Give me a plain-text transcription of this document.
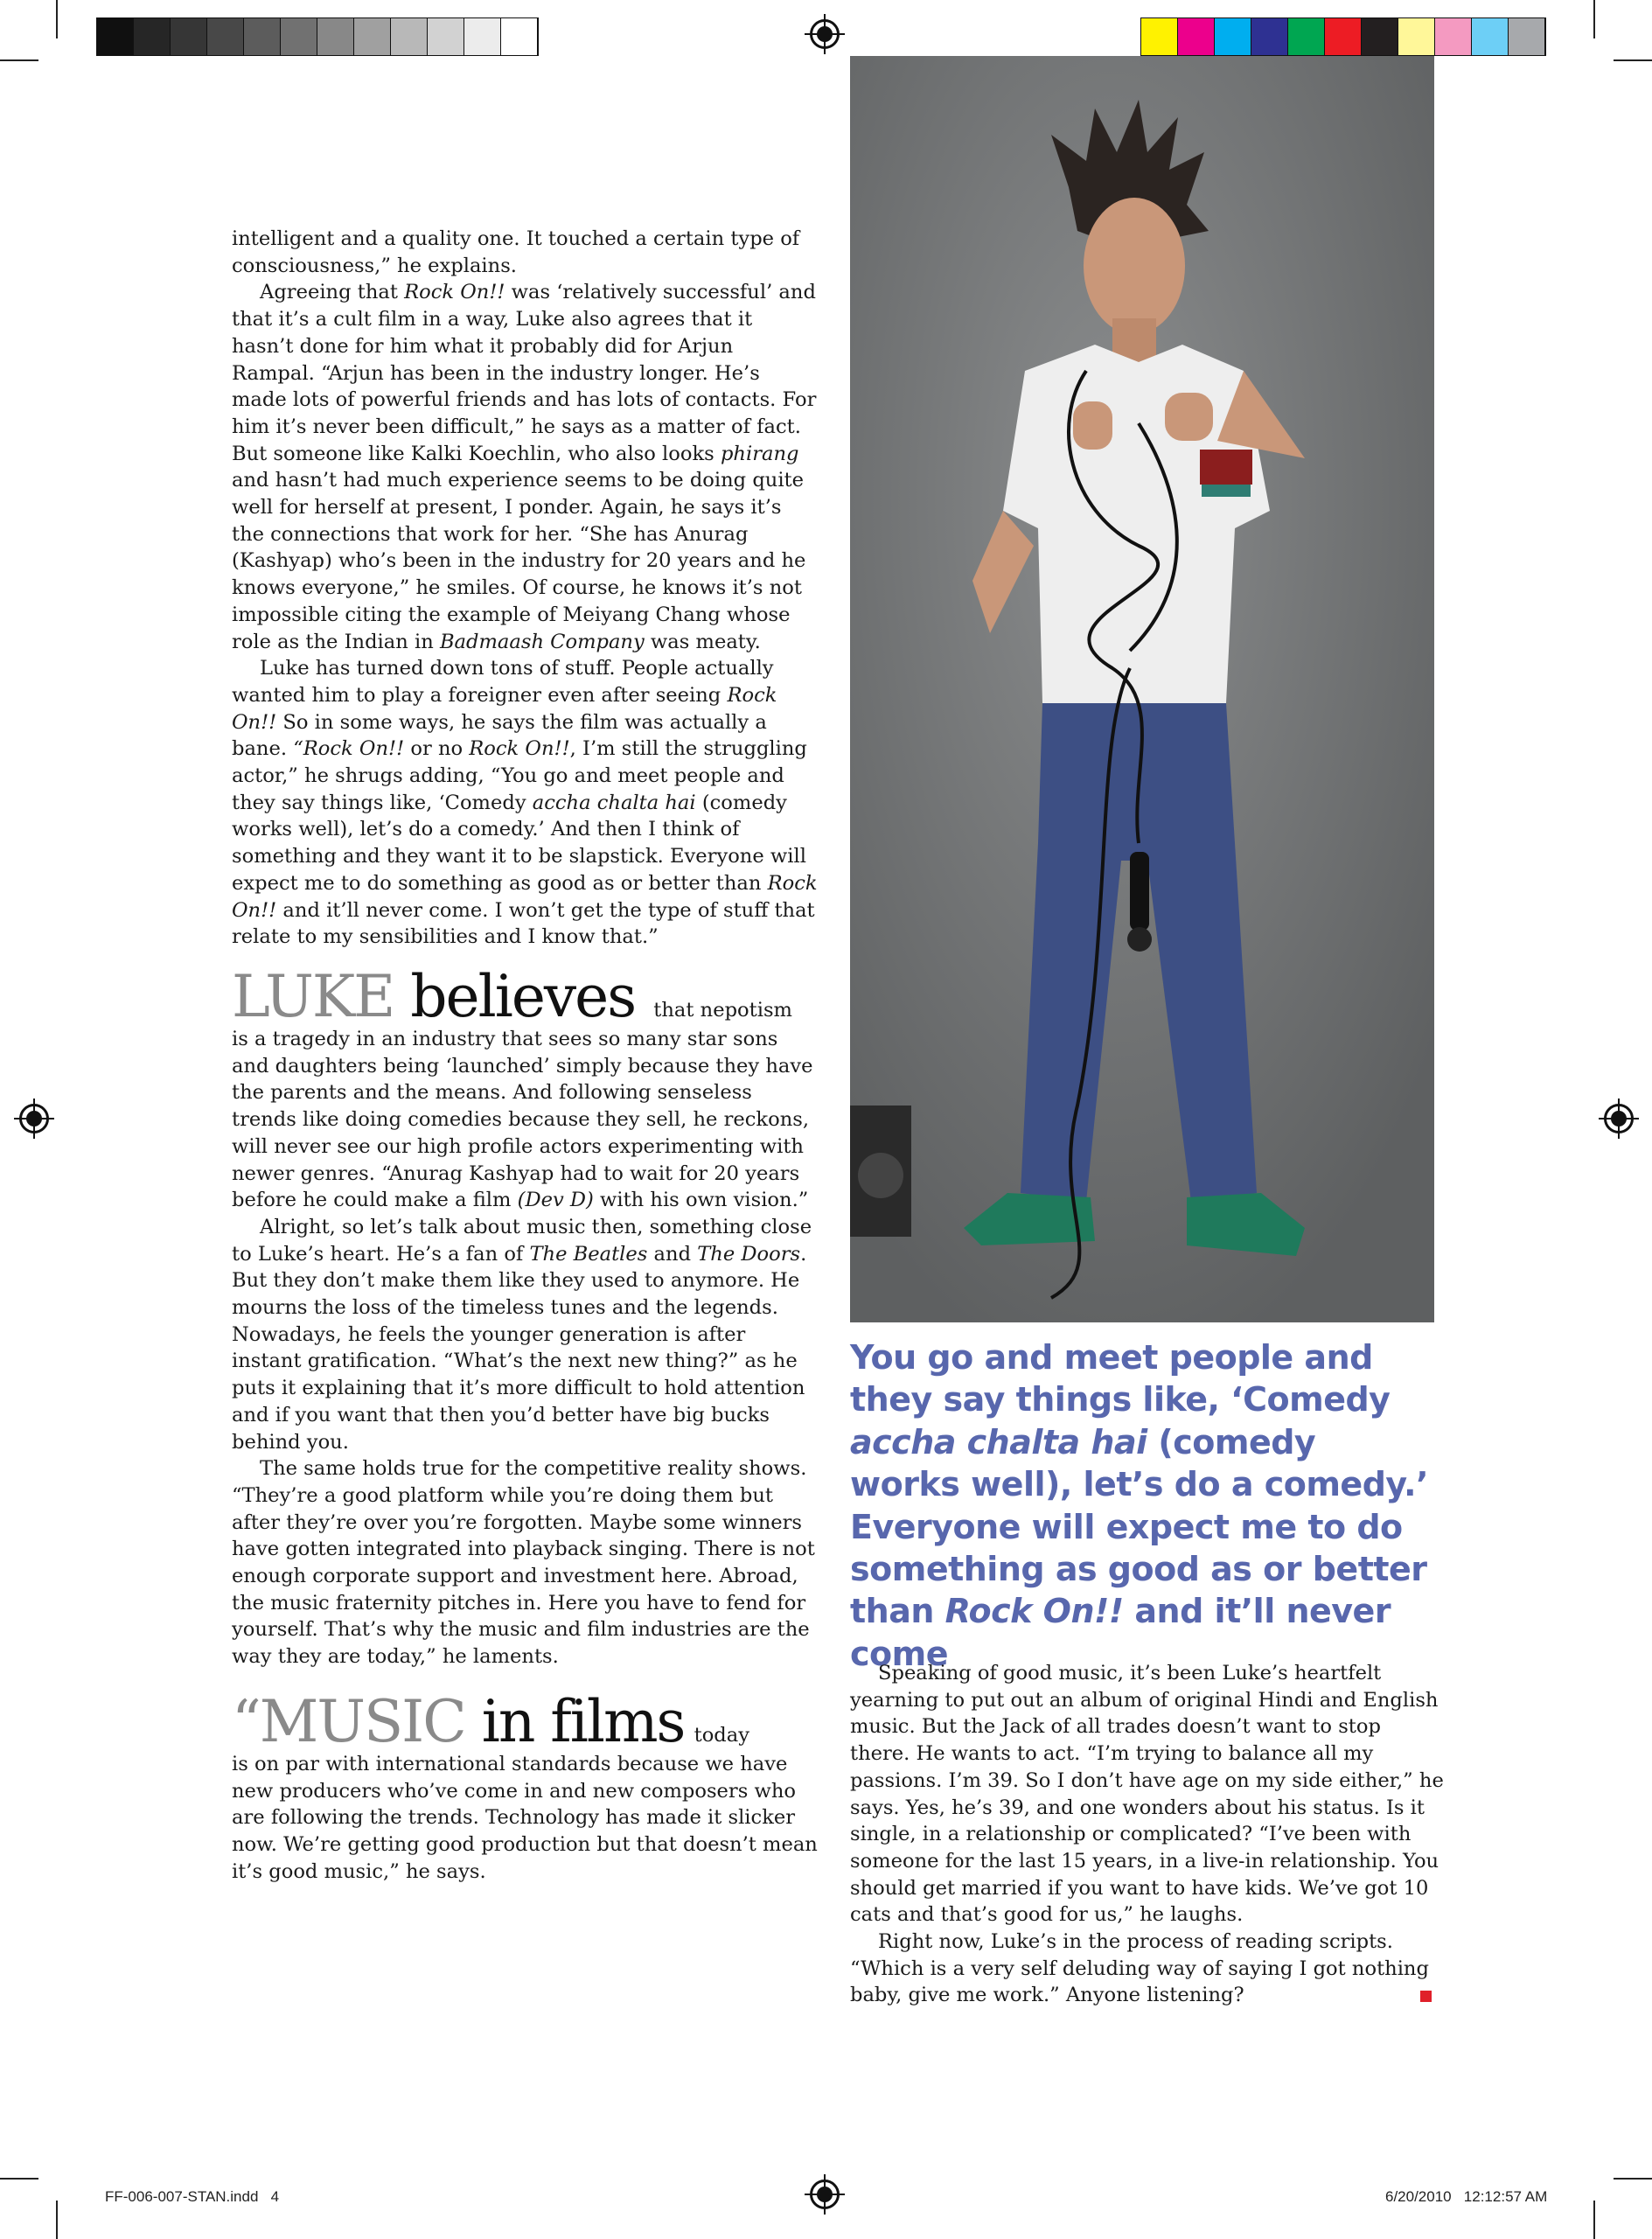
intelligent and a quality one. It touched a certain type of consciousness,” he explains.

Agreeing that Rock On!! was ‘relatively successful’ and that it’s a cult film in a way, Luke also agrees that it hasn’t done for him what it probably did for Arjun Rampal. “Arjun has been in the industry longer. He’s made lots of powerful friends and has lots of contacts. For him it’s never been difficult,” he says as a matter of fact. But someone like Kalki Koechlin, who also looks phirang and hasn’t had much experience seems to be doing quite well for herself at present, I ponder. Again, he says it’s the connections that work for her. “She has Anurag (Kashyap) who’s been in the industry for 20 years and he knows everyone,” he smiles. Of course, he knows it’s not impossible citing the example of Meiyang Chang whose role as the Indian in Badmaash Company was meaty.

Luke has turned down tons of stuff. People actually wanted him to play a foreigner even after seeing Rock On!! So in some ways, he says the film was actually a bane. “Rock On!! or no Rock On!!, I’m still the struggling actor,” he shrugs adding, “You go and meet people and they say things like, ‘Comedy accha chalta hai (comedy works well), let’s do a comedy.’ And then I think of something and they want it to be slapstick. Everyone will expect me to do something as good as or better than Rock On!! and it’ll never come. I won’t get the type of stuff that relate to my sensibilities and I know that.”

LUKE believes that nepotism

is a tragedy in an industry that sees so many star sons and daughters being ‘launched’ simply because they have the parents and the means. And following senseless trends like doing comedies because they sell, he reckons, will never see our high profile actors experimenting with newer genres. “Anurag Kashyap had to wait for 20 years before he could make a film (Dev D) with his own vision.”

Alright, so let’s talk about music then, something close to Luke’s heart. He’s a fan of The Beatles and The Doors. But they don’t make them like they used to anymore. He mourns the loss of the timeless tunes and the legends. Nowadays, he feels the younger generation is after instant gratification. “What’s the next new thing?” as he puts it explaining that it’s more difficult to hold attention and if you want that then you’d better have big bucks behind you.

The same holds true for the competitive reality shows. “They’re a good platform while you’re doing them but after they’re over you’re forgotten. Maybe some winners have gotten integrated into playback singing. There is not enough corporate support and investment here. Abroad, the music fraternity pitches in. Here you have to fend for yourself. That’s why the music and film industries are the way they are today,” he laments.

“MUSIC in films today

is on par with international standards because we have new producers who’ve come in and new composers who are following the trends. Technology has made it slicker now. We’re getting good production but that doesn’t mean it’s good music,” he says.

You go and meet people and they say things like, ‘Comedy accha chalta hai (comedy works well), let’s do a comedy.’ Everyone will expect me to do something as good as or better than Rock On!! and it’ll never come

Speaking of good music, it’s been Luke’s heartfelt yearning to put out an album of original Hindi and English music. But the Jack of all trades doesn’t want to stop there. He wants to act. “I’m trying to balance all my passions. I’m 39. So I don’t have age on my side either,” he says. Yes, he’s 39, and one wonders about his status. Is it single, in a relationship or complicated? “I’ve been with someone for the last 15 years, in a live-in relationship. You should get married if you want to have kids. We’ve got 10 cats and that’s good for us,” he laughs.

Right now, Luke’s in the process of reading scripts. “Which is a very self deluding way of saying I got nothing baby, give me work.” Anyone listening?

FF-006-007-STAN.indd   4	6/20/2010   12:12:57 AM
